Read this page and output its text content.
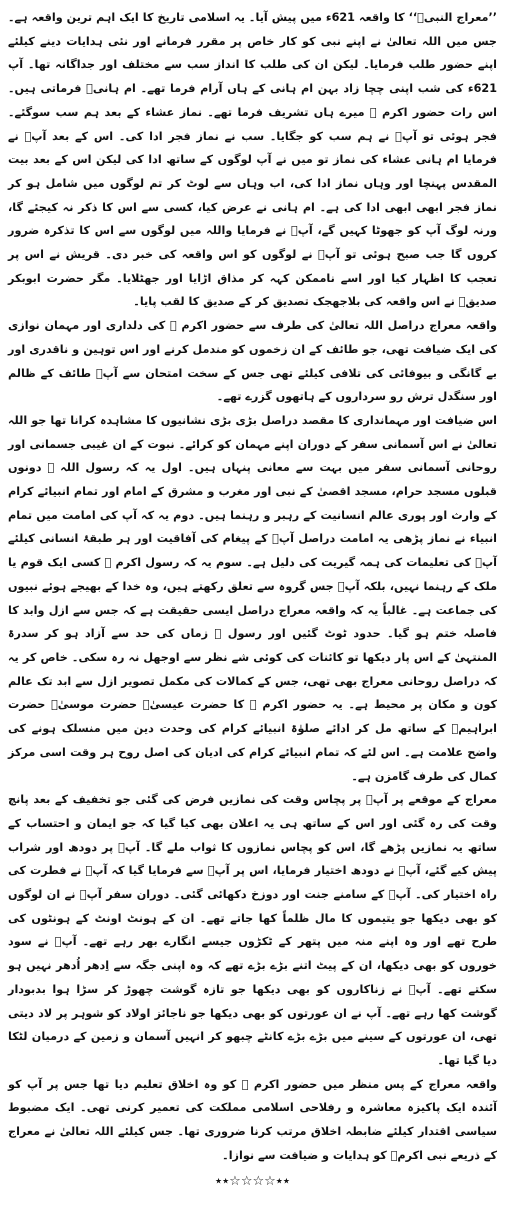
’’معراج النبیؐ‘‘ کا واقعہ 621ء میں پیش آیا۔ یہ اسلامی تاریخ کا ایک اہم ترین واقعہ ہے۔ جس میں اللہ تعالیٰ نے اپنے نبی کو کار خاص پر مقرر فرمانے اور نئی ہدایات دینے کیلئے اپنے حضور طلب فرمایا۔ لیکن ان کی طلب کا انداز سب سے مختلف اور جداگانہ تھا۔ آپ 621ء کی شب اپنی چچا زاد بہن ام ہانی کے ہاں آرام فرما تھے۔ ام ہانیؓ فرماتی ہیں۔ اس رات حضور اکرم ﷺ میرے ہاں تشریف فرما تھے۔ نماز عشاء کے بعد ہم سب سوگئے۔ فجر ہوئی تو آپؐ نے ہم سب کو جگایا۔ سب نے نماز فجر ادا کی۔ اس کے بعد آپؐ نے فرمایا ام ہانی عشاء کی نماز تو میں نے آپ لوگوں کے ساتھ ادا کی لیکن اس کے بعد بیت المقدس پہنچا اور وہاں نماز ادا کی، اب وہاں سے لوٹ کر تم لوگوں میں شامل ہو کر نماز فجر ابھی ابھی ادا کی ہے۔ ام ہانی نے عرض کیا، کسی سے اس کا ذکر نہ کیجئے گا، ورنہ لوگ آپ کو جھوٹا کہیں گے، آپؐ نے فرمایا واللہ میں لوگوں سے اس کا تذکرہ ضرور کروں گا جب صبح ہوئی تو آپؐ نے لوگوں کو اس واقعہ کی خبر دی۔ قریش نے اس پر تعجب کا اظہار کیا اور اسے ناممکن کہہ کر مذاق اڑایا اور جھٹلایا۔ مگر حضرت ابوبکر صدیقؓ نے اس واقعہ کی بلاجھجک تصدیق کر کے صدیق کا لقب پایا۔

واقعہ معراج دراصل اللہ تعالیٰ کی طرف سے حضور اکرم ﷺ کی دلداری اور مہمان نوازی کی ایک ضیافت تھی، جو طائف کے ان زخموں کو مندمل کرنے اور اس توہین و ناقدری اور بے گانگی و بیوفائی کی تلافی کیلئے تھی جس کے سخت امتحان سے آپؐ طائف کے ظالم اور سنگدل ترش رو سرداروں کے ہاتھوں گزرے تھے۔

اس ضیافت اور مہمانداری کا مقصد دراصل بڑی بڑی نشانیوں کا مشاہدہ کرانا تھا جو اللہ تعالیٰ نے اس آسمانی سفر کے دوران اپنے مہمان کو کرائے۔ نبوت کے ان غیبی جسمانی اور روحانی آسمانی سفر میں بہت سے معانی پنہاں ہیں۔ اول یہ کہ رسول اللہ ﷺ دونوں قبلوں مسجد حرام، مسجد اقصیٰ کے نبی اور مغرب و مشرق کے امام اور تمام انبیائے کرام کے وارث اور پوری عالم انسانیت کے رہبر و رہنما ہیں۔ دوم یہ کہ آپ کی امامت میں تمام انبیاء نے نماز پڑھی یہ امامت دراصل آپؐ کے پیغام کی آفاقیت اور ہر طبقۂ انسانی کیلئے آپؐ کی تعلیمات کی ہمہ گیریت کی دلیل ہے۔ سوم یہ کہ رسول اکرم ﷺ کسی ایک قوم یا ملک کے رہنما نہیں، بلکہ آپؐ جس گروہ سے تعلق رکھتے ہیں، وہ خدا کے بھیجے ہوئے نبیوں کی جماعت ہے۔ غالباً یہ کہ واقعہ معراج دراصل ایسی حقیقت ہے کہ جس سے ازل وابد کا فاصلہ ختم ہو گیا۔ حدود ٹوٹ گئیں اور رسول ﷺ زماں کی حد سے آزاد ہو کر سدرۃ المنتہیٰ کے اس پار دیکھا تو کائنات کی کوئی شے نظر سے اوجھل نہ رہ سکی۔ خاص کر یہ کہ دراصل روحانی معراج بھی تھی، جس کے کمالات کی مکمل تصویر ازل سے ابد تک عالم کون و مکان پر محیط ہے۔ یہ حضور اکرم ﷺ کا حضرت عیسیٰؑ حضرت موسیٰؑ حضرت ابراہیمؑ کے ساتھ مل کر ادائے صلوٰۃ انبیائے کرام کی وحدت دین میں منسلک ہونے کی واضح علامت ہے۔ اس لئے کہ تمام انبیائے کرام کی ادیان کی اصل روح ہر وقت اسی مرکز کمال کی طرف گامزن ہے۔

معراج کے موقعے پر آپؐ پر پچاس وقت کی نمازیں فرض کی گئی جو تخفیف کے بعد پانچ وقت کی رہ گئی اور اس کے ساتھ ہی یہ اعلان بھی کیا گیا کہ جو ایمان و احتساب کے ساتھ یہ نمازیں پڑھے گا، اس کو پچاس نمازوں کا ثواب ملے گا۔ آپؐ پر دودھ اور شراب پیش کیے گئے، آپؐ نے دودھ اختیار فرمایا، اس پر آپؐ سے فرمایا گیا کہ آپؐ نے فطرت کی راہ اختیار کی۔ آپؐ کے سامنے جنت اور دوزخ دکھائی گئی۔ دوران سفر آپؐ نے ان لوگوں کو بھی دیکھا جو یتیموں کا مال ظلماً کھا جاتے تھے۔ ان کے ہونٹ اونٹ کے ہونٹوں کی طرح تھے اور وہ اپنے منہ میں پتھر کے ٹکڑوں جیسے انگارے بھر رہے تھے۔ آپؐ نے سود خوروں کو بھی دیکھا، ان کے پیٹ اتنے بڑے بڑے تھے کہ وہ اپنی جگہ سے اِدھر اُدھر نہیں ہو سکتے تھے۔ آپؐ نے زناکاروں کو بھی دیکھا جو تازہ گوشت چھوڑ کر سڑا ہوا بدبودار گوشت کھا رہے تھے۔ آپ نے ان عورتوں کو بھی دیکھا جو ناجائز اولاد کو شوہر پر لاد دیتی تھی، ان عورتوں کے سینے میں بڑے بڑے کانٹے چبھو کر انہیں آسمان و زمین کے درمیان لٹکا دیا گیا تھا۔

واقعہ معراج کے پس منظر میں حضور اکرم ﷺ کو وہ اخلاق تعلیم دیا تھا جس پر آپ کو آئندہ ایک پاکیزہ معاشرہ و رفلاحی اسلامی مملکت کی تعمیر کرنی تھی۔ ایک مضبوط سیاسی اقتدار کیلئے ضابطہ اخلاق مرتب کرنا ضروری تھا۔ جس کیلئے اللہ تعالیٰ نے معراج کے ذریعے نبی اکرمؐ کو ہدایات و ضیافت سے نوازا۔

٭٭☆☆☆☆٭٭
